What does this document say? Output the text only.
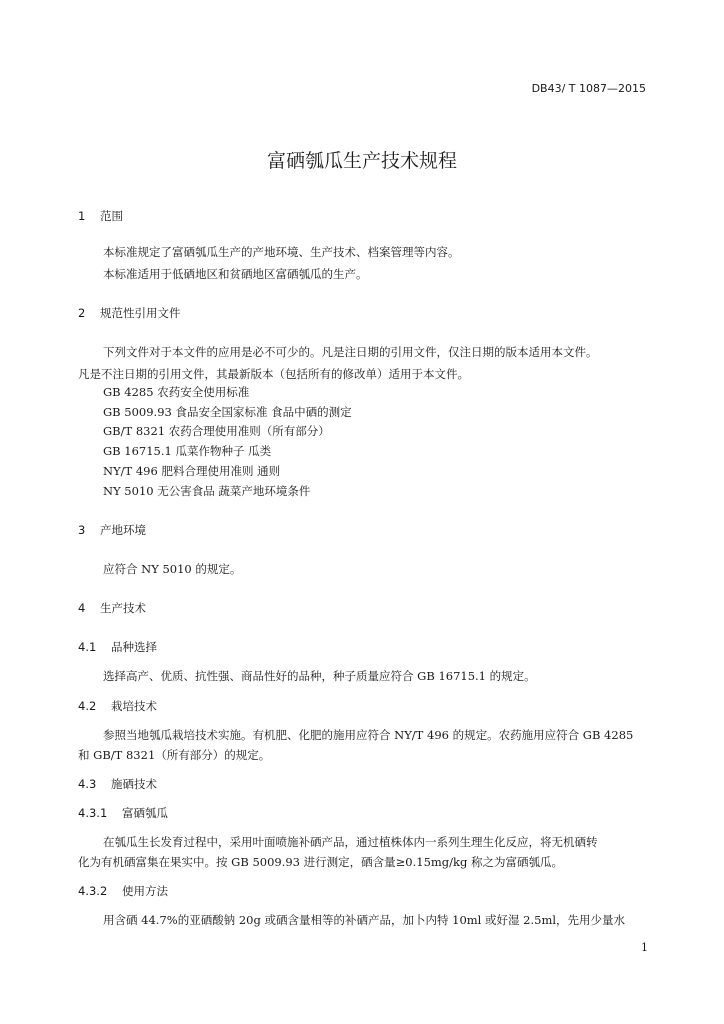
DB43/ T 1087—2015
富硒瓠瓜生产技术规程
1 范围
本标准规定了富硒瓠瓜生产的产地环境、生产技术、档案管理等内容。
本标准适用于低硒地区和贫硒地区富硒瓠瓜的生产。
2 规范性引用文件
下列文件对于本文件的应用是必不可少的。凡是注日期的引用文件，仅注日期的版本适用本文件。
凡是不注日期的引用文件，其最新版本（包括所有的修改单）适用于本文件。
GB 4285 农药安全使用标准
GB 5009.93 食品安全国家标准 食品中硒的测定
GB/T 8321 农药合理使用准则（所有部分）
GB 16715.1 瓜菜作物种子 瓜类
NY/T 496 肥料合理使用准则 通则
NY 5010 无公害食品 蔬菜产地环境条件
3 产地环境
应符合 NY 5010 的规定。
4 生产技术
4.1 品种选择
选择高产、优质、抗性强、商品性好的品种，种子质量应符合 GB 16715.1 的规定。
4.2 栽培技术
参照当地瓠瓜栽培技术实施。有机肥、化肥的施用应符合 NY/T 496 的规定。农药施用应符合 GB 4285
和 GB/T 8321（所有部分）的规定。
4.3 施硒技术
4.3.1 富硒瓠瓜
在瓠瓜生长发育过程中，采用叶面喷施补硒产品，通过植株体内一系列生理生化反应，将无机硒转
化为有机硒富集在果实中。按 GB 5009.93 进行测定，硒含量≥0.15mg/kg 称之为富硒瓠瓜。
4.3.2 使用方法
用含硒 44.7%的亚硒酸钠 20g 或硒含量相等的补硒产品，加卜内特 10ml 或好湿 2.5ml，先用少量水
1
